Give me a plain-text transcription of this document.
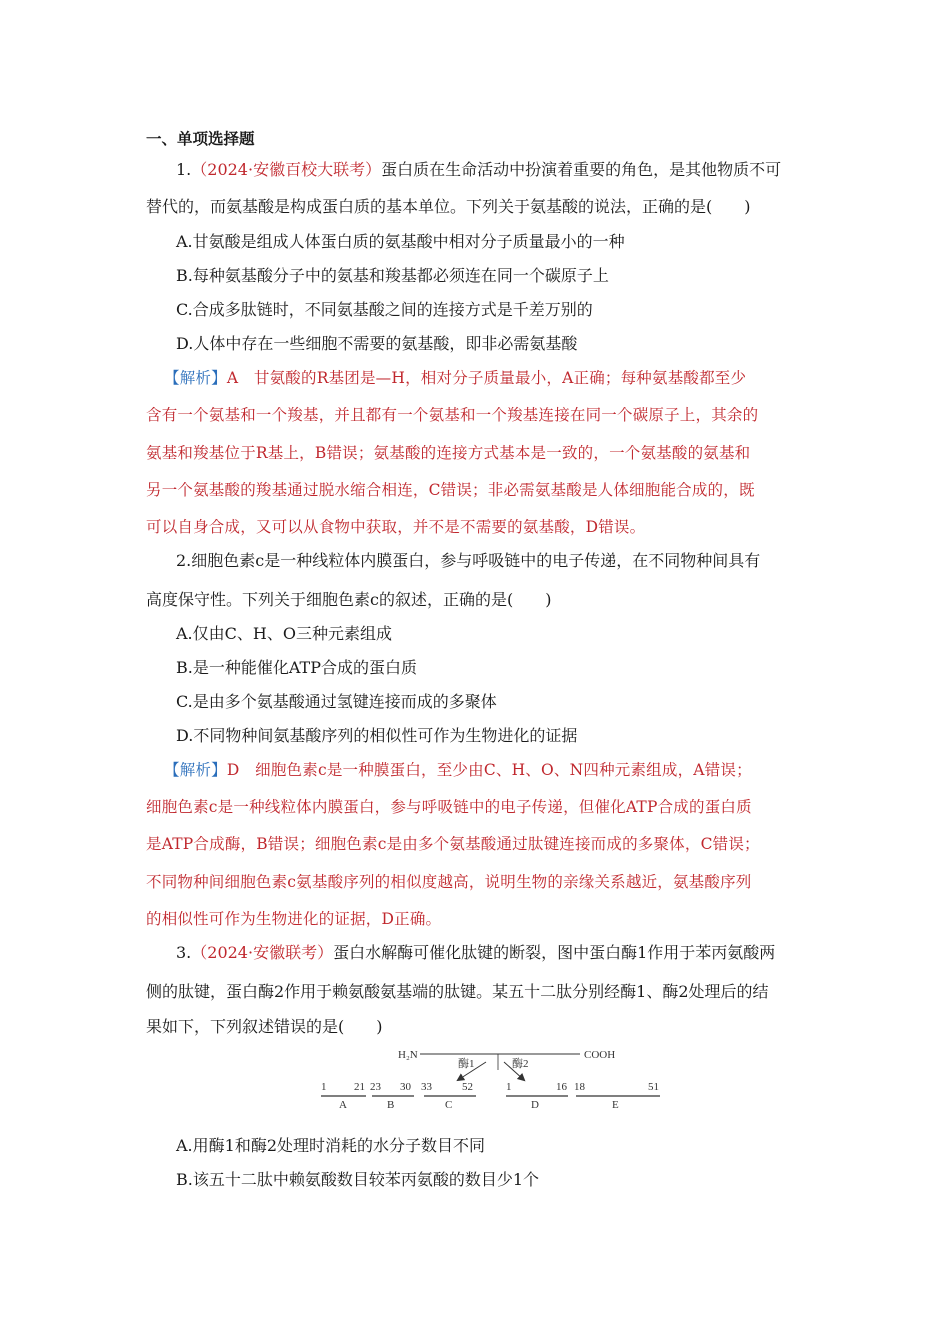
一、单项选择题
1.（2024·安徽百校大联考）蛋白质在生命活动中扮演着重要的角色，是其他物质不可
替代的，而氨基酸是构成蛋白质的基本单位。下列关于氨基酸的说法，正确的是(　　)
A.甘氨酸是组成人体蛋白质的氨基酸中相对分子质量最小的一种
B.每种氨基酸分子中的氨基和羧基都必须连在同一个碳原子上
C.合成多肽链时，不同氨基酸之间的连接方式是千差万别的
D.人体中存在一些细胞不需要的氨基酸，即非必需氨基酸
【解析】A　甘氨酸的R基团是—H，相对分子质量最小，A正确；每种氨基酸都至少
含有一个氨基和一个羧基，并且都有一个氨基和一个羧基连接在同一个碳原子上，其余的
氨基和羧基位于R基上，B错误；氨基酸的连接方式基本是一致的，一个氨基酸的氨基和
另一个氨基酸的羧基通过脱水缩合相连，C错误；非必需氨基酸是人体细胞能合成的，既
可以自身合成，又可以从食物中获取，并不是不需要的氨基酸，D错误。
2.细胞色素c是一种线粒体内膜蛋白，参与呼吸链中的电子传递，在不同物种间具有
高度保守性。下列关于细胞色素c的叙述，正确的是(　　)
A.仅由C、H、O三种元素组成
B.是一种能催化ATP合成的蛋白质
C.是由多个氨基酸通过氢键连接而成的多聚体
D.不同物种间氨基酸序列的相似性可作为生物进化的证据
【解析】D　细胞色素c是一种膜蛋白，至少由C、H、O、N四种元素组成，A错误；
细胞色素c是一种线粒体内膜蛋白，参与呼吸链中的电子传递，但催化ATP合成的蛋白质
是ATP合成酶，B错误；细胞色素c是由多个氨基酸通过肽键连接而成的多聚体，C错误；
不同物种间细胞色素c氨基酸序列的相似度越高，说明生物的亲缘关系越近，氨基酸序列
的相似性可作为生物进化的证据，D正确。
3.（2024·安徽联考）蛋白水解酶可催化肽键的断裂，图中蛋白酶1作用于苯丙氨酸两
侧的肽键，蛋白酶2作用于赖氨酸氨基端的肽键。某五十二肽分别经酶1、酶2处理后的结
果如下，下列叙述错误的是(　　)
H₂N	COOH
酶1	酶2
1	21
A
23 30
B
33	52
C
1	16
D
18	51
E
A.用酶1和酶2处理时消耗的水分子数目不同
B.该五十二肽中赖氨酸数目较苯丙氨酸的数目少1个
